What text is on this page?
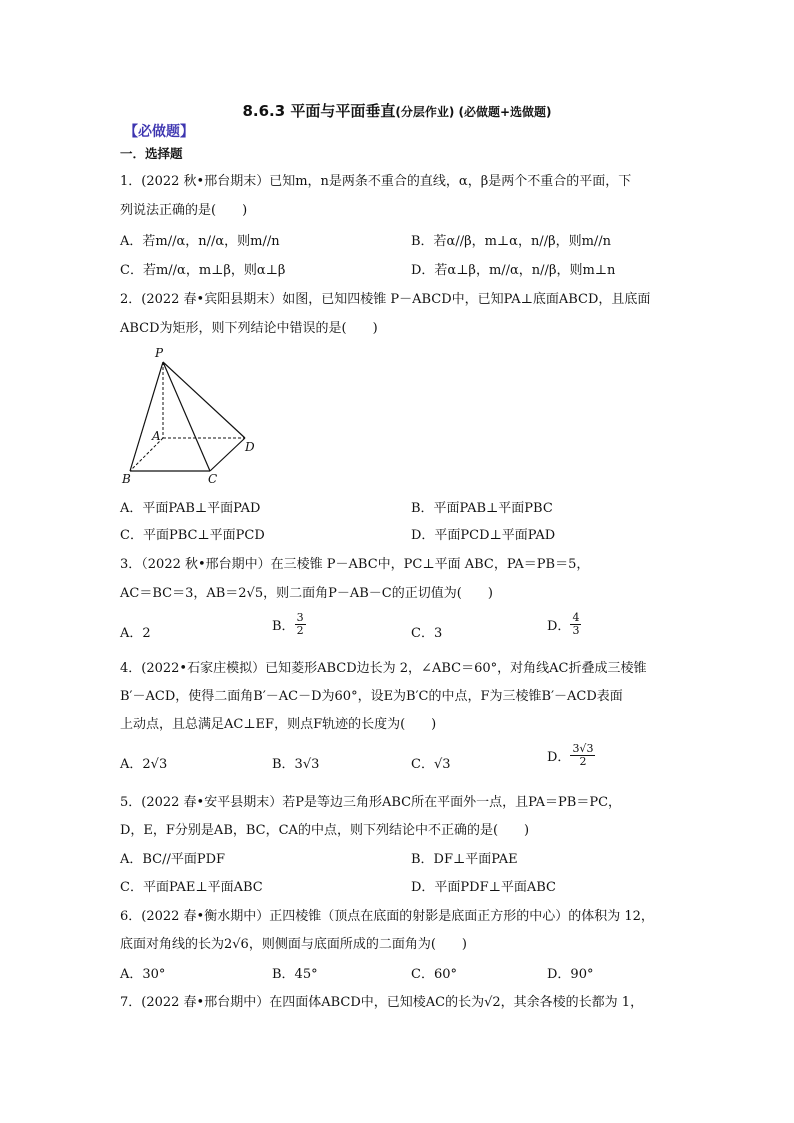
8.6.3 平面与平面垂直(分层作业) (必做题+选做题)
【必做题】
一．选择题
1．(2022 秋•邢台期末）已知m，n是两条不重合的直线，α，β是两个不重合的平面，下
列说法正确的是(　　)
A．若m//α，n//α，则m//n	B．若α//β，m⊥α，n//β，则m//n
C．若m//α，m⊥β，则α⊥β	D．若α⊥β，m//α，n//β，则m⊥n
2．(2022 春•宾阳县期末）如图，已知四棱锥 P－ABCD中，已知PA⊥底面ABCD，且底面
ABCD为矩形，则下列结论中错误的是(　　)
P
A
B	C
D
A．平面PAB⊥平面PAD	B．平面PAB⊥平面PBC
C．平面PBC⊥平面PCD	D．平面PCD⊥平面PAD
3．（2022 秋•邢台期中）在三棱锥 P－ABC中，PC⊥平面 ABC，PA＝PB＝5，
AC＝BC＝3，AB＝2√5，则二面角P－AB－C的正切值为(　　)
A．2	B． $\frac{3}{2}$	C．3	D． $\frac{4}{3}$
4．(2022•石家庄模拟）已知菱形ABCD边长为 2，∠ABC＝60°，对角线AC折叠成三棱锥
B′－ACD，使得二面角B′－AC－D为60°，设E为B′C的中点，F为三棱锥B′－ACD表面
上动点，且总满足AC⊥EF，则点F轨迹的长度为(　　)
A．2√3	B．3√3	C．√3	D． $\frac{3√3}{2}$
5．(2022 春•安平县期末）若P是等边三角形ABC所在平面外一点，且PA＝PB＝PC，
D，E，F分别是AB，BC，CA的中点，则下列结论中不正确的是(　　)
A．BC//平面PDF	B．DF⊥平面PAE
C．平面PAE⊥平面ABC	D．平面PDF⊥平面ABC
6．(2022 春•衡水期中）正四棱锥（顶点在底面的射影是底面正方形的中心）的体积为 12，
底面对角线的长为2√6，则侧面与底面所成的二面角为(　　)
A．30°	B．45°	C．60°	D．90°
7．(2022 春•邢台期中）在四面体ABCD中，已知棱AC的长为√2，其余各棱的长都为 1，
